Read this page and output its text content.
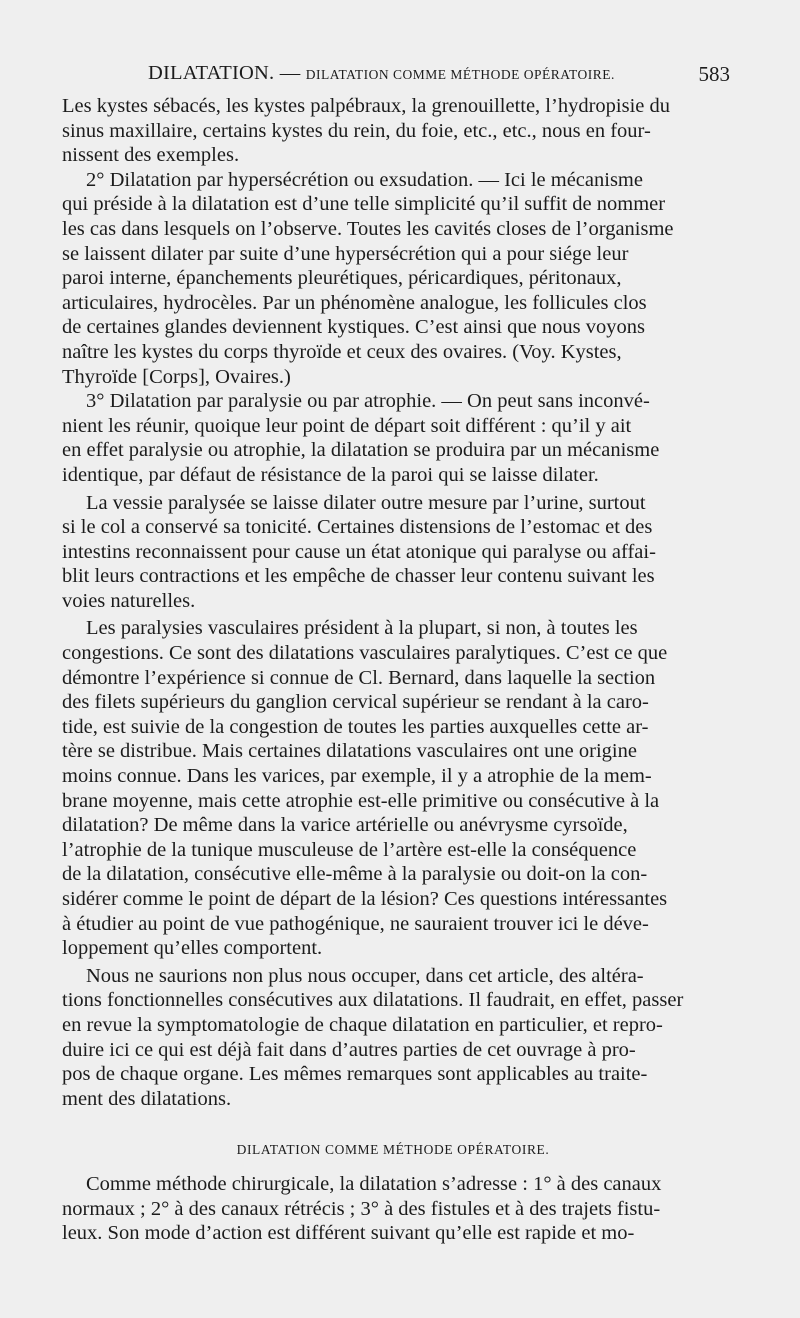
DILATATION. — DILATATION COMME MÉTHODE OPÉRATOIRE.	583
Les kystes sébacés, les kystes palpébraux, la grenouillette, l’hydropisie du
sinus maxillaire, certains kystes du rein, du foie, etc., etc., nous en four-
nissent des exemples.
2° Dilatation par hypersécrétion ou exsudation. — Ici le mécanisme
qui préside à la dilatation est d’une telle simplicité qu’il suffit de nommer
les cas dans lesquels on l’observe. Toutes les cavités closes de l’organisme
se laissent dilater par suite d’une hypersécrétion qui a pour siége leur
paroi interne, épanchements pleurétiques, péricardiques, péritonaux,
articulaires, hydrocèles. Par un phénomène analogue, les follicules clos
de certaines glandes deviennent kystiques. C’est ainsi que nous voyons
naître les kystes du corps thyroïde et ceux des ovaires. (Voy. Kystes,
Thyroïde [Corps], Ovaires.)
3° Dilatation par paralysie ou par atrophie. — On peut sans inconvé-
nient les réunir, quoique leur point de départ soit différent : qu’il y ait
en effet paralysie ou atrophie, la dilatation se produira par un mécanisme
identique, par défaut de résistance de la paroi qui se laisse dilater.
La vessie paralysée se laisse dilater outre mesure par l’urine, surtout
si le col a conservé sa tonicité. Certaines distensions de l’estomac et des
intestins reconnaissent pour cause un état atonique qui paralyse ou affai-
blit leurs contractions et les empêche de chasser leur contenu suivant les
voies naturelles.
Les paralysies vasculaires président à la plupart, si non, à toutes les
congestions. Ce sont des dilatations vasculaires paralytiques. C’est ce que
démontre l’expérience si connue de Cl. Bernard, dans laquelle la section
des filets supérieurs du ganglion cervical supérieur se rendant à la caro-
tide, est suivie de la congestion de toutes les parties auxquelles cette ar-
tère se distribue. Mais certaines dilatations vasculaires ont une origine
moins connue. Dans les varices, par exemple, il y a atrophie de la mem-
brane moyenne, mais cette atrophie est-elle primitive ou consécutive à la
dilatation? De même dans la varice artérielle ou anévrysme cyrsoïde,
l’atrophie de la tunique musculeuse de l’artère est-elle la conséquence
de la dilatation, consécutive elle-même à la paralysie ou doit-on la con-
sidérer comme le point de départ de la lésion? Ces questions intéressantes
à étudier au point de vue pathogénique, ne sauraient trouver ici le déve-
loppement qu’elles comportent.
Nous ne saurions non plus nous occuper, dans cet article, des altéra-
tions fonctionnelles consécutives aux dilatations. Il faudrait, en effet, passer
en revue la symptomatologie de chaque dilatation en particulier, et repro-
duire ici ce qui est déjà fait dans d’autres parties de cet ouvrage à pro-
pos de chaque organe. Les mêmes remarques sont applicables au traite-
ment des dilatations.
DILATATION COMME MÉTHODE OPÉRATOIRE.
Comme méthode chirurgicale, la dilatation s’adresse : 1° à des canaux
normaux ; 2° à des canaux rétrécis ; 3° à des fistules et à des trajets fistu-
leux. Son mode d’action est différent suivant qu’elle est rapide et mo-
